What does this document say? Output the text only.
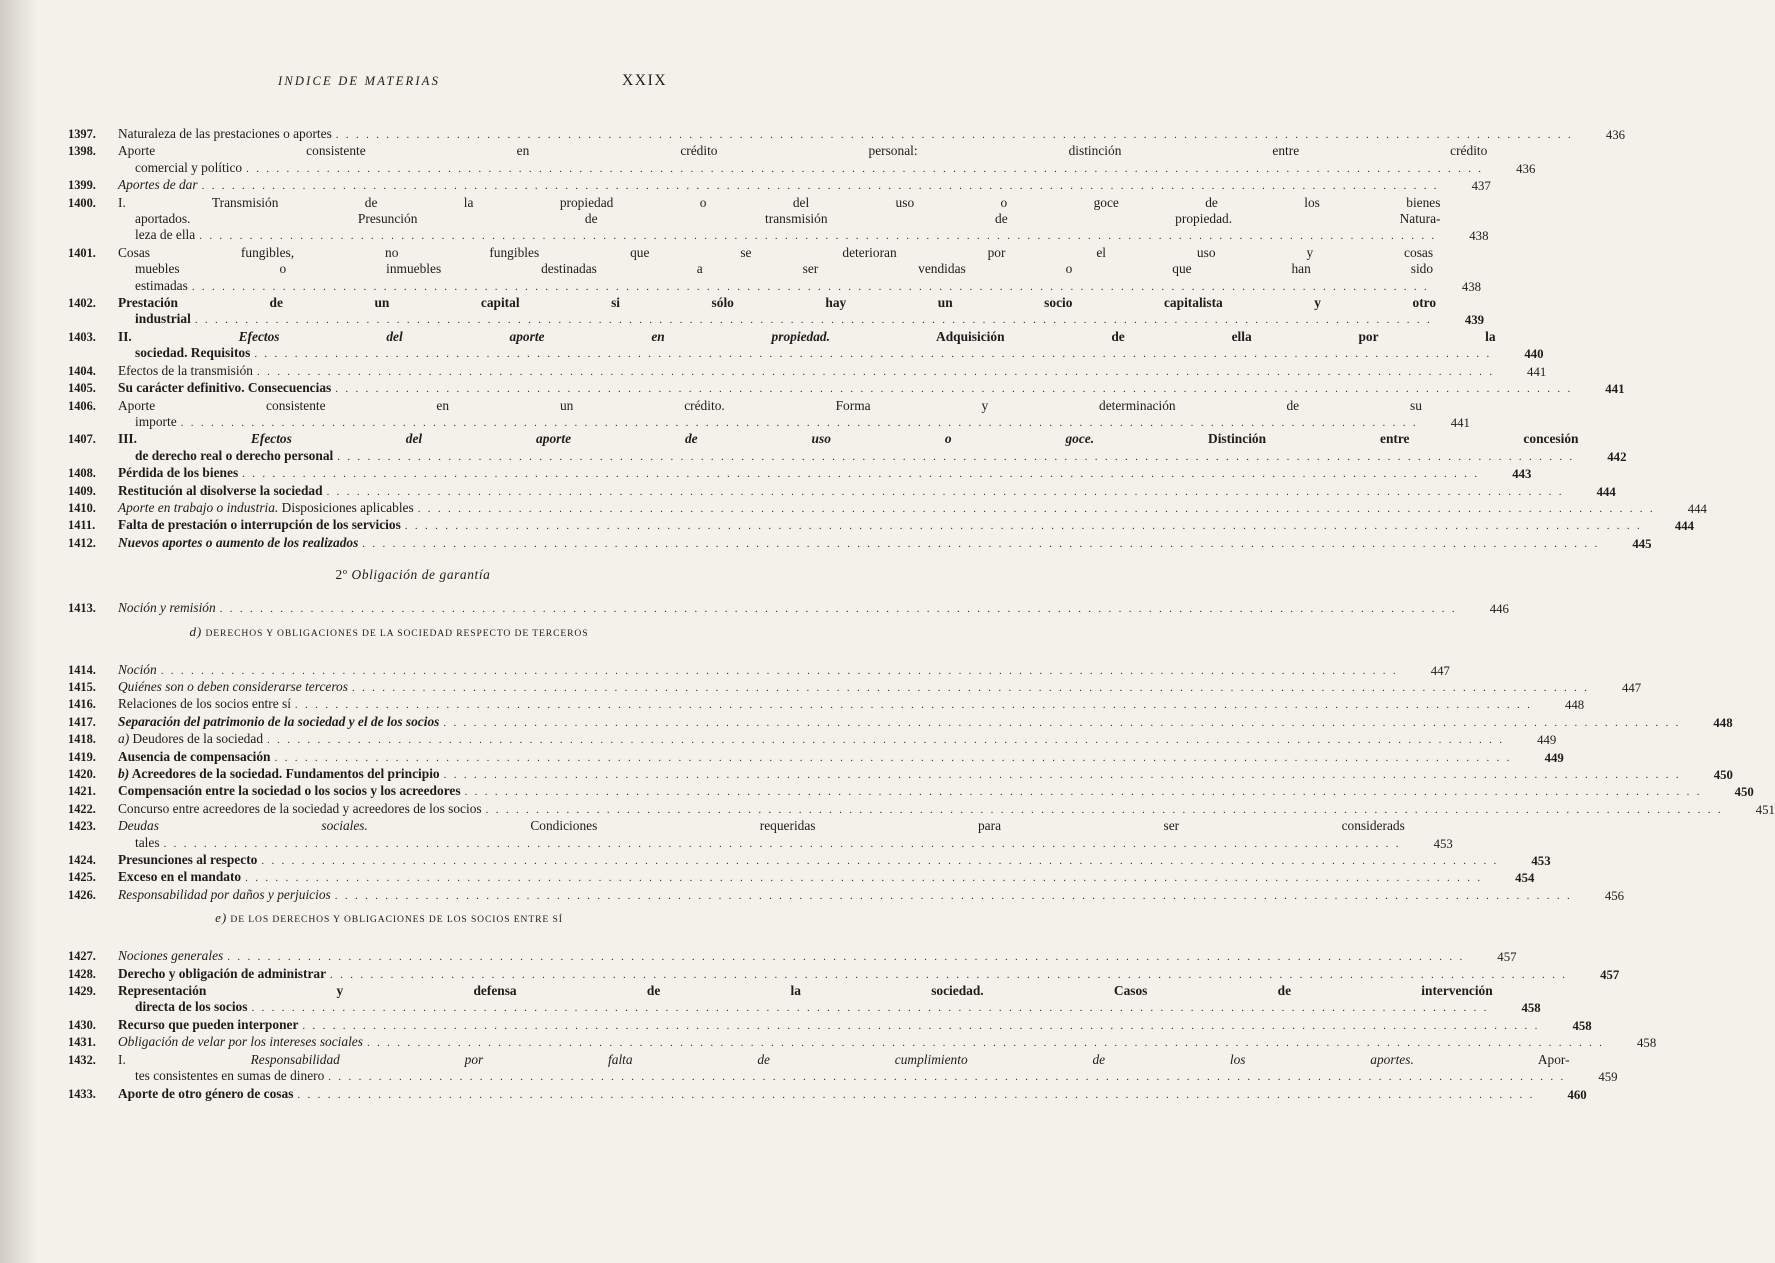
INDICE DE MATERIAS	XXIX
1397.	Naturaleza de las prestaciones o aportes . . .	436
1398.	Aporte consistente en crédito personal: distinción entre crédito
comercial y político . . .	436
1399.	Aportes de dar . . .	437
1400.	I. Transmisión de la propiedad o del uso o goce de los bienes
aportados. Presunción de transmisión de propiedad. Natura-
leza de ella . . .	438
1401.	Cosas fungibles, no fungibles que se deterioran por el uso y cosas
muebles o inmuebles destinadas a ser vendidas o que han sido
estimadas . . .	438
1402.	Prestación de un capital si sólo hay un socio capitalista y otro
industrial . . .	439
1403.	II. Efectos del aporte en propiedad. Adquisición de ella por la
sociedad. Requisitos . . .	440
1404.	Efectos de la transmisión . . .	441
1405.	Su carácter definitivo. Consecuencias . . .	441
1406.	Aporte consistente en un crédito. Forma y determinación de su
importe . . .	441
1407.	III. Efectos del aporte de uso o goce. Distinción entre concesión
de derecho real o derecho personal . . .	442
1408.	Pérdida de los bienes . . .	443
1409.	Restitución al disolverse la sociedad . . .	444
1410.	Aporte en trabajo o industria. Disposiciones aplicables . . .	444
1411.	Falta de prestación o interrupción de los servicios . . .	444
1412.	Nuevos aportes o aumento de los realizados . . .	445
2º Obligación de garantía
1413.	Noción y remisión . . .	446
d) DERECHOS Y OBLIGACIONES DE LA SOCIEDAD RESPECTO DE TERCEROS
1414.	Noción . . .	447
1415.	Quiénes son o deben considerarse terceros . . .	447
1416.	Relaciones de los socios entre sí . . .	448
1417.	Separación del patrimonio de la sociedad y el de los socios . . .	448
1418.	a) Deudores de la sociedad . . .	449
1419.	Ausencia de compensación . . .	449
1420.	b) Acreedores de la sociedad. Fundamentos del principio . . .	450
1421.	Compensación entre la sociedad o los socios y los acreedores . . .	450
1422.	Concurso entre acreedores de la sociedad y acreedores de los socios . . .	451
1423.	Deudas sociales. Condiciones requeridas para ser considerads
tales . . .	453
1424.	Presunciones al respecto . . .	453
1425.	Exceso en el mandato . . .	454
1426.	Responsabilidad por daños y perjuicios . . .	456
e) DE LOS DERECHOS Y OBLIGACIONES DE LOS SOCIOS ENTRE SÍ
1427.	Nociones generales . . .	457
1428.	Derecho y obligación de administrar . . .	457
1429.	Representación y defensa de la sociedad. Casos de intervención
directa de los socios . . .	458
1430.	Recurso que pueden interponer . . .	458
1431.	Obligación de velar por los intereses sociales . . .	458
1432.	I. Responsabilidad por falta de cumplimiento de los aportes. Apor-
tes consistentes en sumas de dinero . . .	459
1433.	Aporte de otro género de cosas . . .	460
